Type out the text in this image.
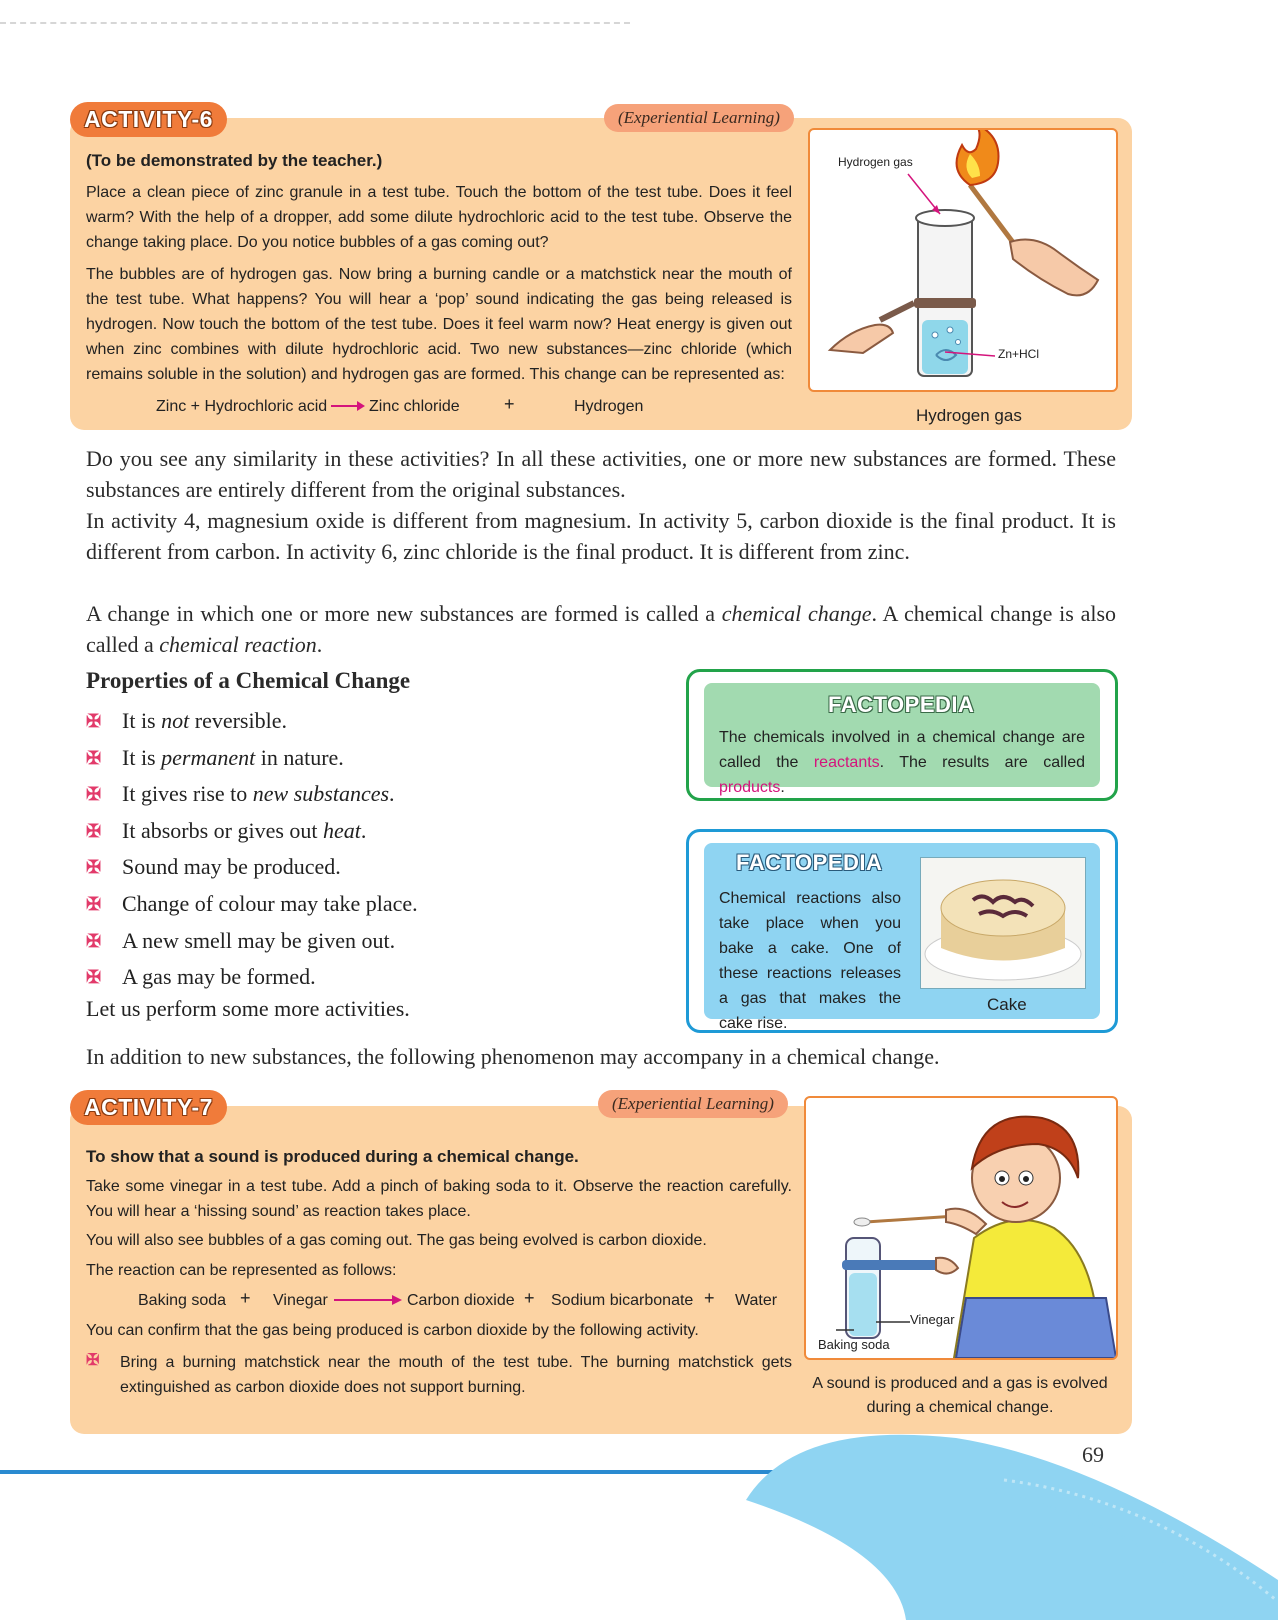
ACTIVITY-6	(Experiential Learning)
(To be demonstrated by the teacher.)
Place a clean piece of zinc granule in a test tube. Touch the bottom of the test tube. Does it feel warm? With the help of a dropper, add some dilute hydrochloric acid to the test tube. Observe the change taking place. Do you notice bubbles of a gas coming out?
The bubbles are of hydrogen gas. Now bring a burning candle or a matchstick near the mouth of the test tube. What happens? You will hear a ‘pop’ sound indicating the gas being released is hydrogen. Now touch the bottom of the test tube. Does it feel warm now? Heat energy is given out when zinc combines with dilute hydrochloric acid. Two new substances—zinc chloride (which remains soluble in the solution) and hydrogen gas are formed. This change can be represented as:
Zinc + Hydrochloric acid	Zinc chloride +	Hydrogen
Hydrogen gas
Zn+HCl
Hydrogen gas
Do you see any similarity in these activities? In all these activities, one or more new substances are formed. These substances are entirely different from the original substances.
In activity 4, magnesium oxide is different from magnesium. In activity 5, carbon dioxide is the final product. It is different from carbon. In activity 6, zinc chloride is the final product. It is different from zinc.
A change in which one or more new substances are formed is called a chemical change. A chemical change is also called a chemical reaction.
Properties of a Chemical Change
✠ It is not reversible.
✠ It is permanent in nature.
✠ It gives rise to new substances.
✠ It absorbs or gives out heat.
✠ Sound may be produced.
✠ Change of colour may take place.
✠ A new smell may be given out.
✠ A gas may be formed.
Let us perform some more activities.
FACTOPEDIA
The chemicals involved in a chemical change are called the reactants. The results are called products.
FACTOPEDIA
Chemical reactions also take place when you bake a cake. One of these reactions releases a gas that makes the cake rise.
Cake
In addition to new substances, the following phenomenon may accompany in a chemical change.
ACTIVITY-7	(Experiential Learning)
To show that a sound is produced during a chemical change.
Take some vinegar in a test tube. Add a pinch of baking soda to it. Observe the reaction carefully. You will hear a ‘hissing sound’ as reaction takes place.
You will also see bubbles of a gas coming out. The gas being evolved is carbon dioxide.
The reaction can be represented as follows:
Baking soda + Vinegar	Carbon dioxide + Sodium bicarbonate + Water
You can confirm that the gas being produced is carbon dioxide by the following activity.
✠ Bring a burning matchstick near the mouth of the test tube. The burning matchstick gets extinguished as carbon dioxide does not support burning.
Vinegar
Baking soda
A sound is produced and a gas is evolved during a chemical change.
69
